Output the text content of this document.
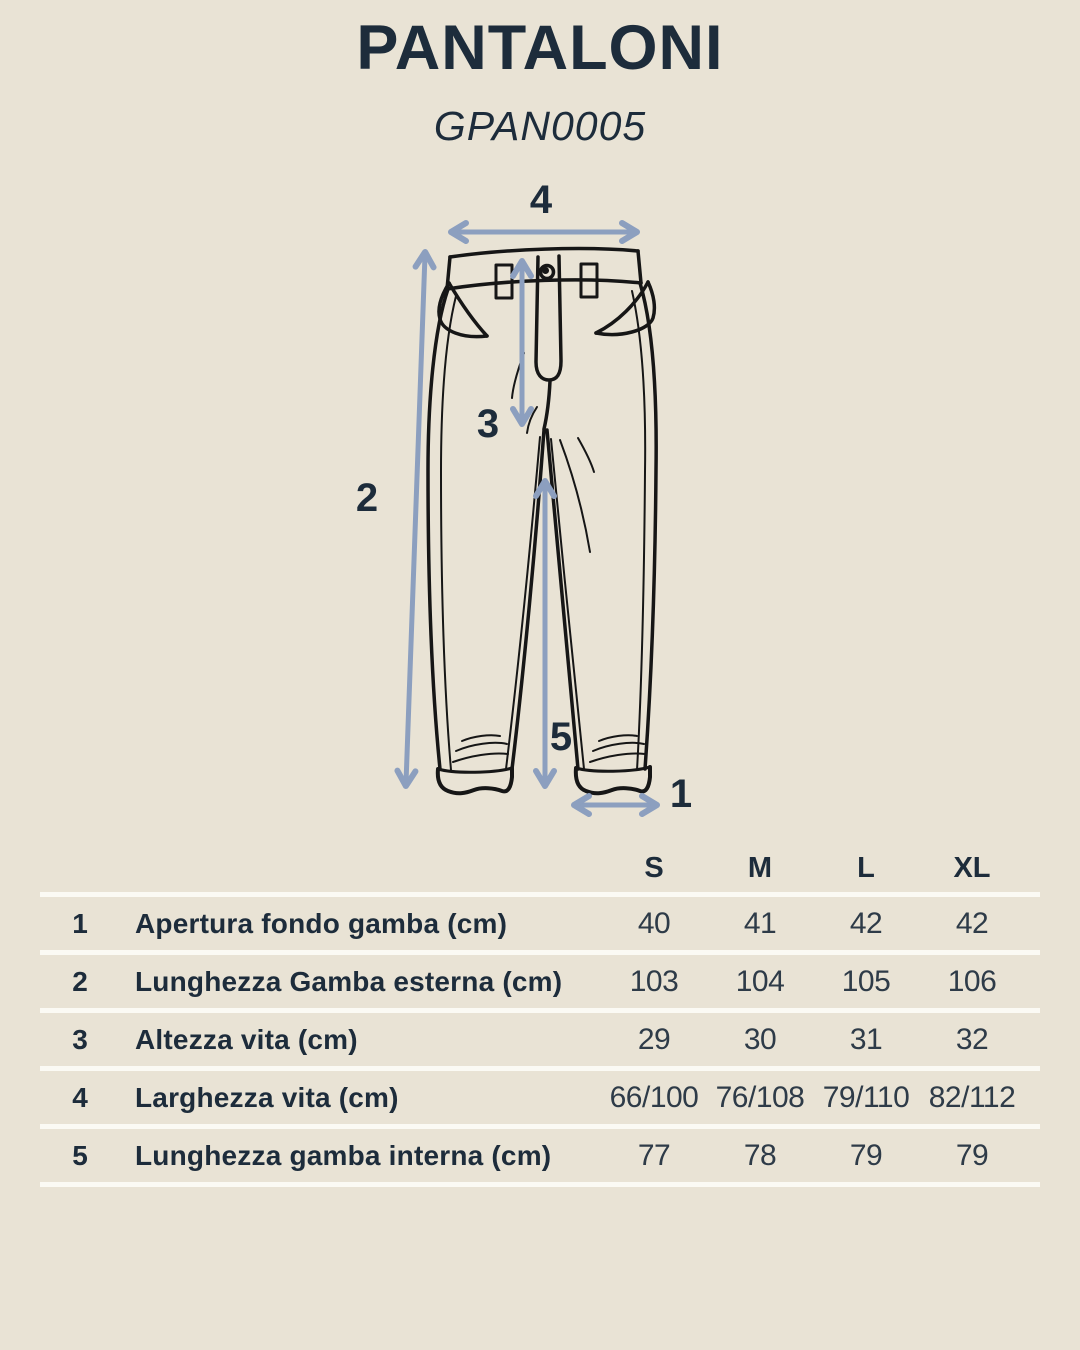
PANTALONI
GPAN0005
4
2
3
5
1
S	M	L	XL
1	Apertura fondo gamba (cm)	40	41	42	42
2	Lunghezza Gamba esterna (cm)	103	104	105	106
3	Altezza vita (cm)	29	30	31	32
4	Larghezza vita (cm)	66/100 76/108 79/110 82/112
5	Lunghezza gamba interna (cm)	77	78	79	79
